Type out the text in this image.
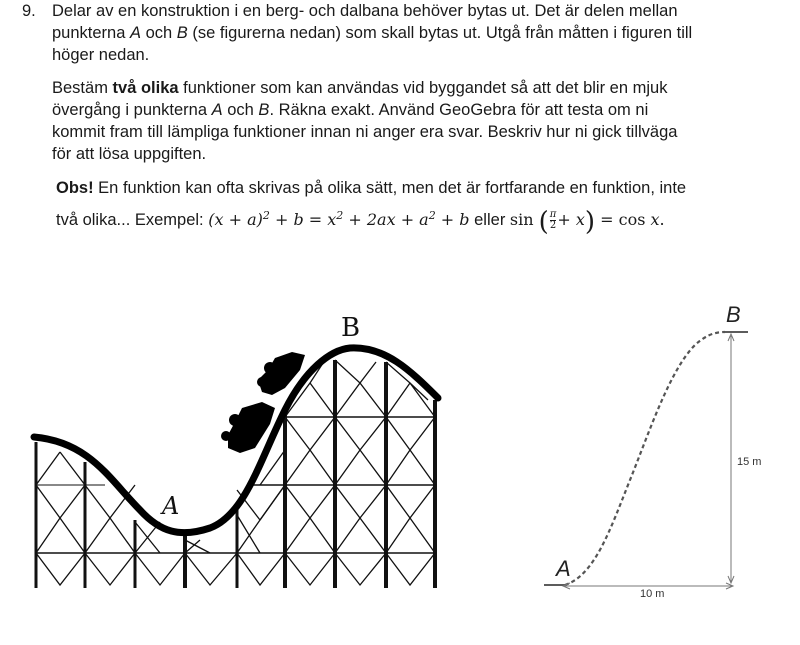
9. Delar av en konstruktion i en berg- och dalbana behöver bytas ut. Det är delen mellan
punkterna A och B (se figurerna nedan) som skall bytas ut. Utgå från måtten i figuren till
höger nedan.
Bestäm två olika funktioner som kan användas vid byggandet så att det blir en mjuk
övergång i punkterna A och B. Räkna exakt. Använd GeoGebra för att testa om ni
kommit fram till lämpliga funktioner innan ni anger era svar. Beskriv hur ni gick tillväga
för att lösa uppgiften.
Obs! En funktion kan ofta skrivas på olika sätt, men det är fortfarande en funktion, inte
två olika... Exempel: $(x + a)^2 + b = x^2 + 2ax + a^2 + b$ eller sin ( $\frac{\pi}{2} + x) = \cos x$.
B
A
B
A
15 m
10 m
